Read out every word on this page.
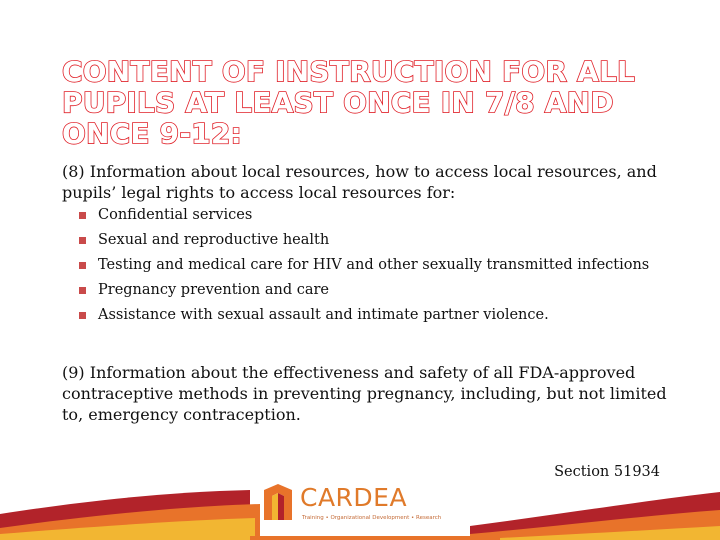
CONTENT OF INSTRUCTION FOR ALL
PUPILS AT LEAST ONCE IN 7/8 AND
ONCE 9-12:

(8) Information about local resources, how to access local resources, and pupils’ legal rights to access local resources for:

Confidential services
Sexual and reproductive health
Testing and medical care for HIV and other sexually transmitted infections
Pregnancy prevention and care
Assistance with sexual assault and intimate partner violence.

(9) Information about the effectiveness and safety of all FDA-approved contraceptive methods in preventing pregnancy, including, but not limited to, emergency contraception.

Section 51934

CARDEA

Training • Organizational Development • Research
